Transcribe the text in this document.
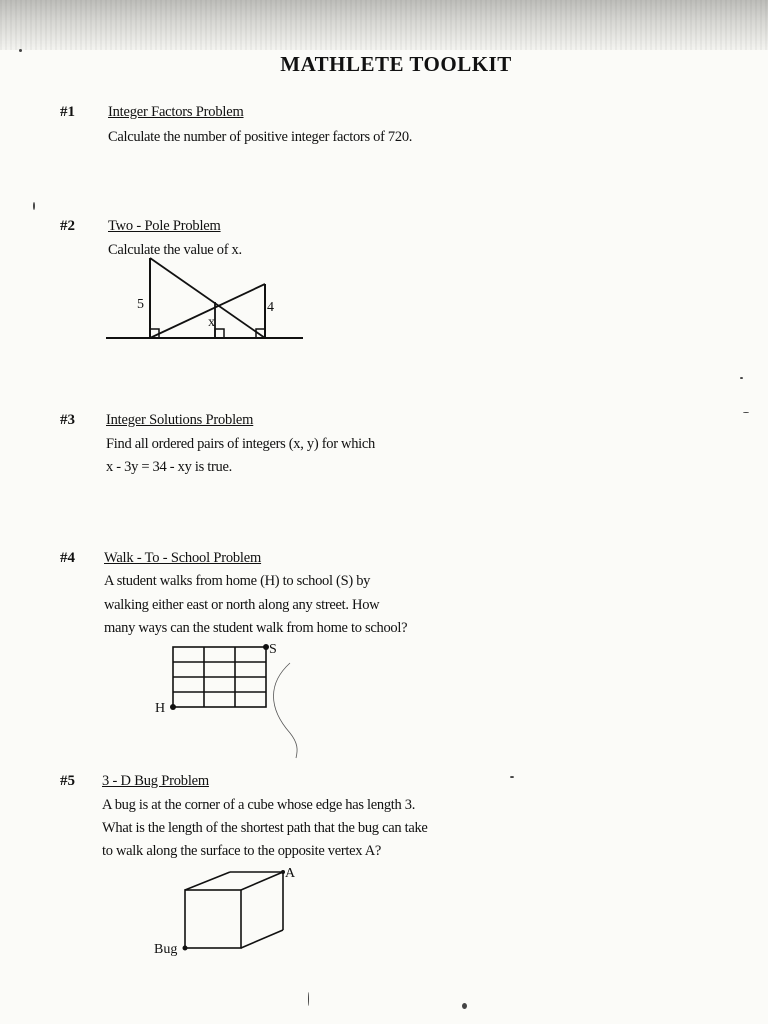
MATHLETE TOOLKIT
#1 Integer Factors Problem
Calculate the number of positive integer factors of 720.
#2 Two - Pole Problem
Calculate the value of x.
5	4
x
#3 Integer Solutions Problem
Find all ordered pairs of integers (x, y) for which
x - 3y = 34 - xy is true.
#4 Walk - To - School Problem
A student walks from home (H) to school (S) by
walking either east or north along any street. How
many ways can the student walk from home to school?
H
S
#5 3 - D Bug Problem
A bug is at the corner of a cube whose edge has length 3.
What is the length of the shortest path that the bug can take
to walk along the surface to the opposite vertex A?
Bug
A
